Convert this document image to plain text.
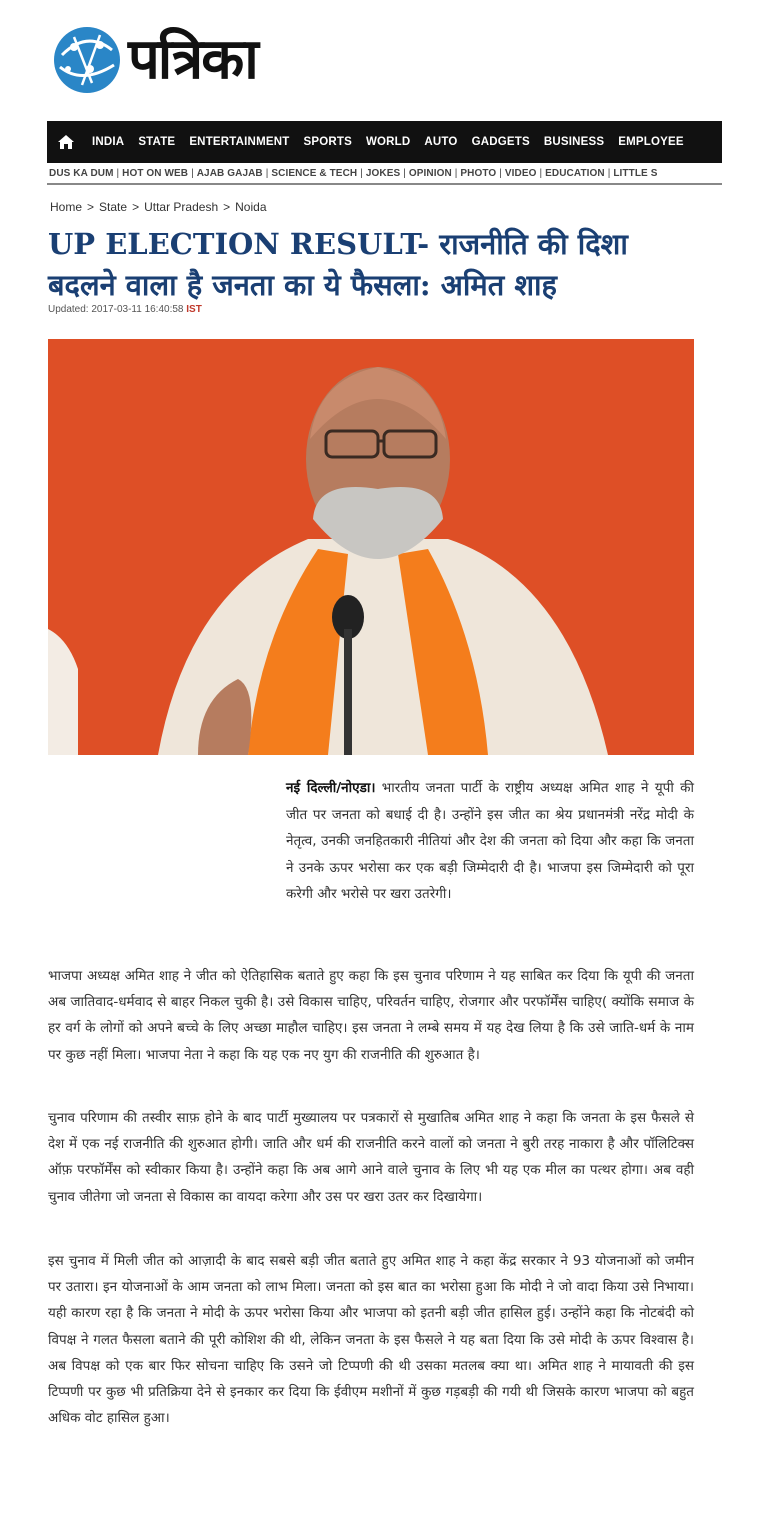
पत्रिका
INDIA	STATE	ENTERTAINMENT	SPORTS	WORLD	AUTO	GADGETS	BUSINESS	EMPLOYEE
DUS KA DUM | HOT ON WEB | AJAB GAJAB | SCIENCE & TECH | JOKES | OPINION | PHOTO | VIDEO | EDUCATION | LITTLE S
Home > State > Uttar Pradesh > Noida
UP ELECTION RESULT- राजनीति की दिशा बदलने वाला है जनता का ये फैसला: अमित शाह
Updated: 2017-03-11 16:40:58 IST

नई दिल्ली/नोएडा। भारतीय जनता पार्टी के राष्ट्रीय अध्यक्ष अमित शाह ने यूपी की जीत पर जनता को बधाई दी है। उन्होंने इस जीत का श्रेय प्रधानमंत्री नरेंद्र मोदी के नेतृत्व, उनकी जनहितकारी नीतियां और देश की जनता को दिया और कहा कि जनता ने उनके ऊपर भरोसा कर एक बड़ी जिम्मेदारी दी है। भाजपा इस जिम्मेदारी को पूरा करेगी और भरोसे पर खरा उतरेगी।

भाजपा अध्यक्ष अमित शाह ने जीत को ऐतिहासिक बताते हुए कहा कि इस चुनाव परिणाम ने यह साबित कर दिया कि यूपी की जनता अब जातिवाद-धर्मवाद से बाहर निकल चुकी है। उसे विकास चाहिए, परिवर्तन चाहिए, रोजगार और परफॉर्मेंस चाहिए( क्योंकि समाज के हर वर्ग के लोगों को अपने बच्चे के लिए अच्छा माहौल चाहिए। इस जनता ने लम्बे समय में यह देख लिया है कि उसे जाति-धर्म के नाम पर कुछ नहीं मिला। भाजपा नेता ने कहा कि यह एक नए युग की राजनीति की शुरुआत है।

चुनाव परिणाम की तस्वीर साफ़ होने के बाद पार्टी मुख्यालय पर पत्रकारों से मुखातिब अमित शाह ने कहा कि जनता के इस फैसले से देश में एक नई राजनीति की शुरुआत होगी। जाति और धर्म की राजनीति करने वालों को जनता ने बुरी तरह नाकारा है और पॉलिटिक्स ऑफ़ परफॉर्मेंस को स्वीकार किया है। उन्होंने कहा कि अब आगे आने वाले चुनाव के लिए भी यह एक मील का पत्थर होगा। अब वही चुनाव जीतेगा जो जनता से विकास का वायदा करेगा और उस पर खरा उतर कर दिखायेगा।

इस चुनाव में मिली जीत को आज़ादी के बाद सबसे बड़ी जीत बताते हुए अमित शाह ने कहा केंद्र सरकार ने 93 योजनाओं को जमीन पर उतारा। इन योजनाओं के आम जनता को लाभ मिला। जनता को इस बात का भरोसा हुआ कि मोदी ने जो वादा किया उसे निभाया। यही कारण रहा है कि जनता ने मोदी के ऊपर भरोसा किया और भाजपा को इतनी बड़ी जीत हासिल हुई। उन्होंने कहा कि नोटबंदी को विपक्ष ने गलत फैसला बताने की पूरी कोशिश की थी, लेकिन जनता के इस फैसले ने यह बता दिया कि उसे मोदी के ऊपर विश्वास है। अब विपक्ष को एक बार फिर सोचना चाहिए कि उसने जो टिप्पणी की थी उसका मतलब क्या था। अमित शाह ने मायावती की इस टिप्पणी पर कुछ भी प्रतिक्रिया देने से इनकार कर दिया कि ईवीएम मशीनों में कुछ गड़बड़ी की गयी थी जिसके कारण भाजपा को बहुत अधिक वोट हासिल हुआ।
